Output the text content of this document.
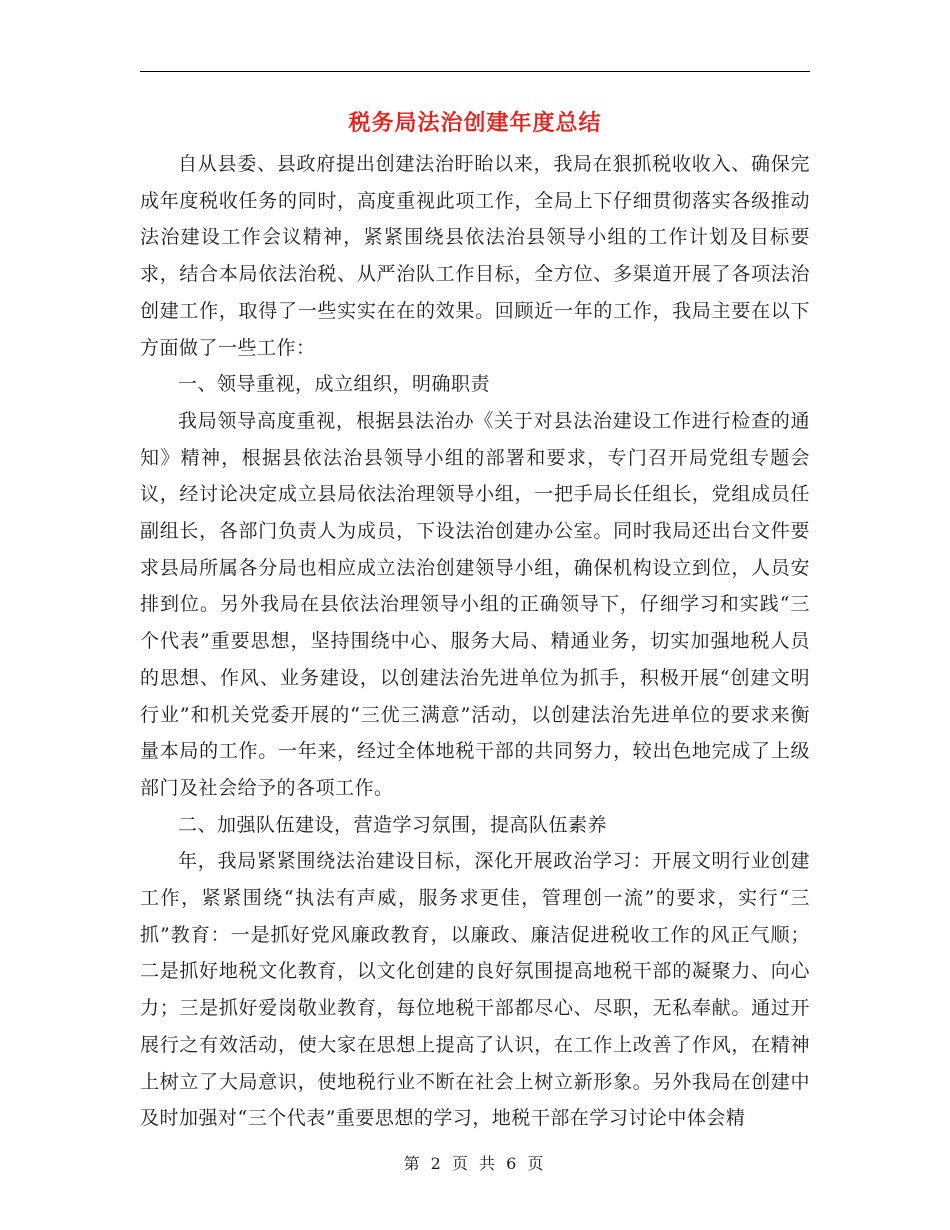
税务局法治创建年度总结

自从县委、县政府提出创建法治盱眙以来，我局在狠抓税收收入、确保完成年度税收任务的同时，高度重视此项工作，全局上下仔细贯彻落实各级推动法治建设工作会议精神，紧紧围绕县依法治县领导小组的工作计划及目标要求，结合本局依法治税、从严治队工作目标，全方位、多渠道开展了各项法治创建工作，取得了一些实实在在的效果。回顾近一年的工作，我局主要在以下方面做了一些工作：

一、领导重视，成立组织，明确职责

我局领导高度重视，根据县法治办《关于对县法治建设工作进行检查的通知》精神，根据县依法治县领导小组的部署和要求，专门召开局党组专题会议，经讨论决定成立县局依法治理领导小组，一把手局长任组长，党组成员任副组长，各部门负责人为成员，下设法治创建办公室。同时我局还出台文件要求县局所属各分局也相应成立法治创建领导小组，确保机构设立到位，人员安排到位。另外我局在县依法治理领导小组的正确领导下，仔细学习和实践“三个代表”重要思想，坚持围绕中心、服务大局、精通业务，切实加强地税人员的思想、作风、业务建设，以创建法治先进单位为抓手，积极开展“创建文明行业”和机关党委开展的“三优三满意”活动，以创建法治先进单位的要求来衡量本局的工作。一年来，经过全体地税干部的共同努力，较出色地完成了上级部门及社会给予的各项工作。

二、加强队伍建设，营造学习氛围，提高队伍素养

年，我局紧紧围绕法治建设目标，深化开展政治学习：开展文明行业创建工作，紧紧围绕“执法有声威，服务求更佳，管理创一流”的要求，实行“三抓”教育：一是抓好党风廉政教育，以廉政、廉洁促进税收工作的风正气顺；二是抓好地税文化教育，以文化创建的良好氛围提高地税干部的凝聚力、向心力；三是抓好爱岗敬业教育，每位地税干部都尽心、尽职，无私奉献。通过开展行之有效活动，使大家在思想上提高了认识，在工作上改善了作风，在精神上树立了大局意识，使地税行业不断在社会上树立新形象。另外我局在创建中及时加强对“三个代表”重要思想的学习，地税干部在学习讨论中体会精

第 2 页 共 6 页
